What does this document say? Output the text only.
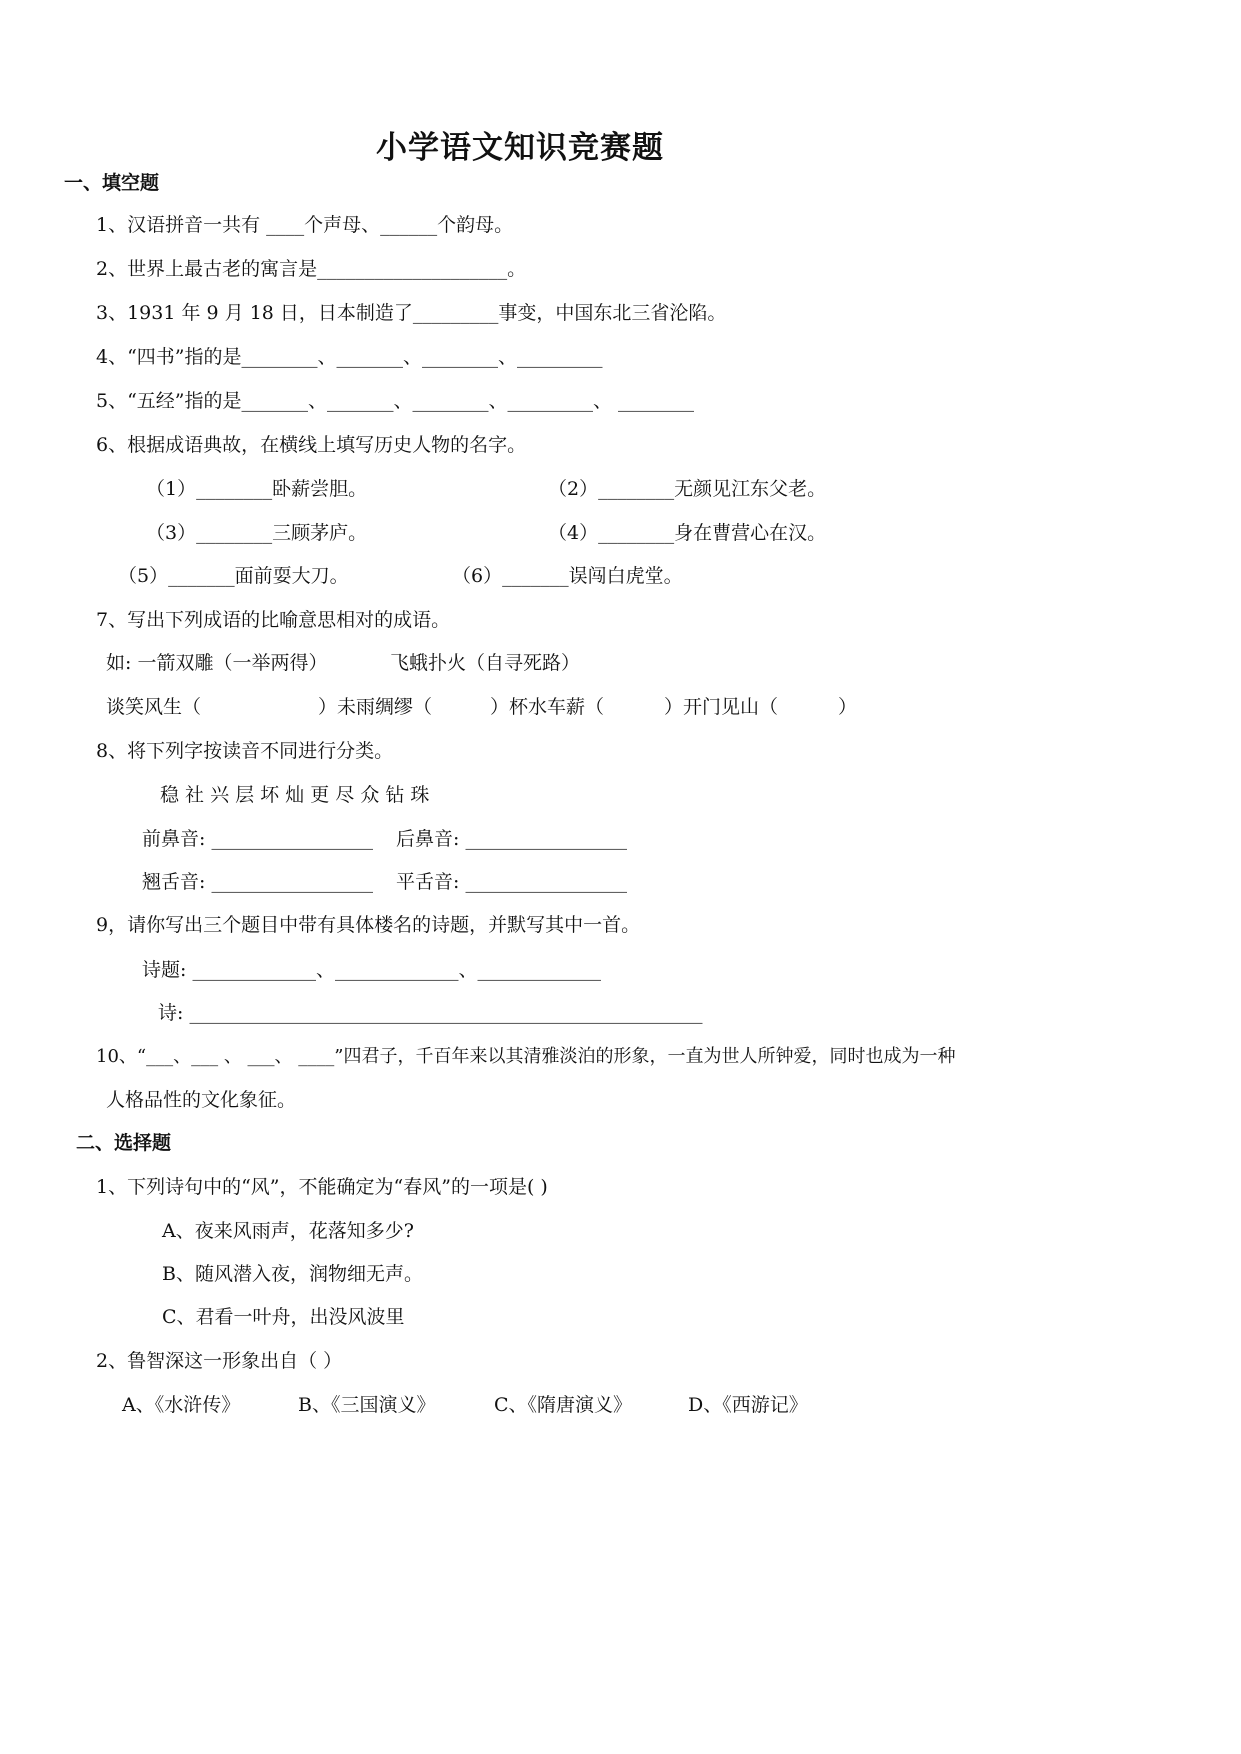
小学语文知识竞赛题
一、填空题
1、汉语拼音一共有 ____个声母、______个韵母。
2、世界上最古老的寓言是____________________。
3、1931 年 9 月 18 日，日本制造了_________事变，中国东北三省沦陷。
4、“四书”指的是________、_______、________、_________
5、“五经”指的是_______、_______、________、_________、 ________
6、根据成语典故，在横线上填写历史人物的名字。
（1）________卧薪尝胆。	（2）________无颜见江东父老。
（3）________三顾茅庐。	（4）________身在曹营心在汉。
（5）_______面前耍大刀。	（6）_______误闯白虎堂。
7、写出下列成语的比喻意思相对的成语。
如: 一箭双雕（一举两得）	飞蛾扑火（自寻死路）
谈笑风生（	）未雨绸缪（	）杯水车薪（	）开门见山（	）
8、将下列字按读音不同进行分类。
稳 社 兴 层 坏 灿 更 尽 众 钻 珠
前鼻音: _________________ 后鼻音: _________________
翘舌音: _________________ 平舌音: _________________
9，请你写出三个题目中带有具体楼名的诗题，并默写其中一首。
诗题: _____________、_____________、_____________
诗: ______________________________________________________
10、“___、___ 、 ___、 ____”四君子，千百年来以其清雅淡泊的形象，一直为世人所钟爱，同时也成为一种
人格品性的文化象征。
二、选择题
1、下列诗句中的“风”，不能确定为“春风”的一项是( )
A、夜来风雨声，花落知多少?
B、随风潜入夜，润物细无声。
C、君看一叶舟，出没风波里
2、鲁智深这一形象出自（ ）
A、《水浒传》	B、《三国演义》	C、《隋唐演义》	D、《西游记》
